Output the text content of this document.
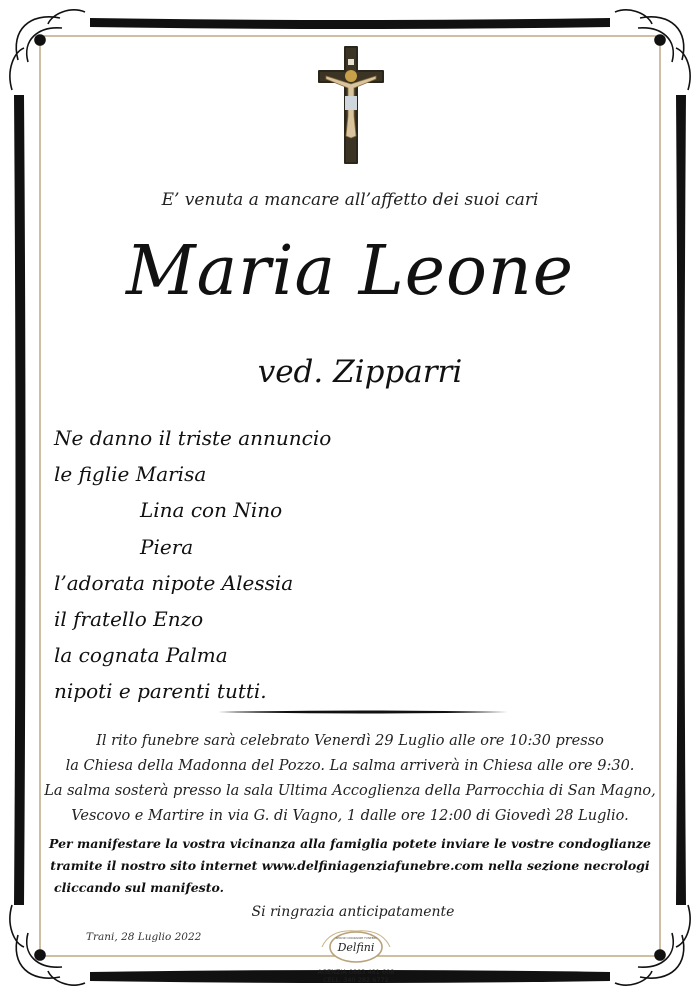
E’ venuta a mancare all’affetto dei suoi cari
Maria Leone
ved. Zipparri
Ne danno il triste annuncio
le figlie Marisa
Lina con Nino
Piera
l’adorata nipote Alessia
il fratello Enzo
la cognata Palma
nipoti e parenti tutti.
Il rito funebre sarà celebrato Venerdì 29 Luglio alle ore 10:30 presso
la Chiesa della Madonna del Pozzo. La salma arriverà in Chiesa alle ore 9:30.
La salma sosterà presso la sala Ultima Accoglienza della Parrocchia di San Magno,
Vescovo e Martire in via G. di Vagno, 1 dalle ore 12:00 di Giovedì 28 Luglio.
Per manifestare la vostra vicinanza alla famiglia potete inviare le vostre condoglianze
tramite il nostro sito internet www.delfiniagenziafunebre.com nella sezione necrologi
cliccando sul manifesto.
Si ringrazia anticipatamente
Trani, 28 Luglio 2022
Delfini
SERVIZI ONORANZE FUNEBRI
AGENZIA 0883 481 608
CELL. 340 282 6772
